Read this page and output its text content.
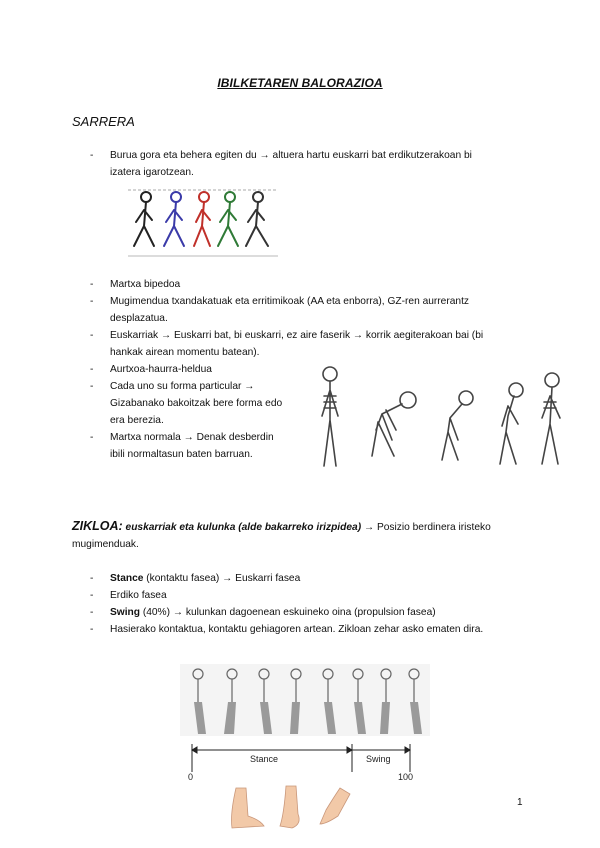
IBILKETAREN BALORAZIOA
SARRERA
- Burua gora eta behera egiten du → altuera hartu euskarri bat erdikutzerakoan bi
izatera igarotzean.
- Martxa bipedoa
- Mugimendua txandakatuak eta erritimikoak (AA eta enborra), GZ-ren aurrerantz
desplazatua.
- Euskarriak → Euskarri bat, bi euskarri, ez aire faserik → korrik aegiterakoan bai (bi
hankak airean momentu batean).
- Aurtxoa-haurra-heldua
- Cada uno su forma particular →
Gizabanako bakoitzak bere forma edo
era berezia.
- Martxa normala → Denak desberdin
ibili normaltasun baten barruan.
ZIKLOA: euskarriak eta kulunka (alde bakarreko irizpidea) → Posizio berdinera iristeko
mugimenduak.
- Stance (kontaktu fasea) → Euskarri fasea
- Erdiko fasea
- Swing (40%) → kulunkan dagoenean eskuineko oina (propulsion fasea)
- Hasierako kontaktua, kontaktu gehiagoren artean. Zikloan zehar asko ematen dira.
Stance	Swing
0	100
1
